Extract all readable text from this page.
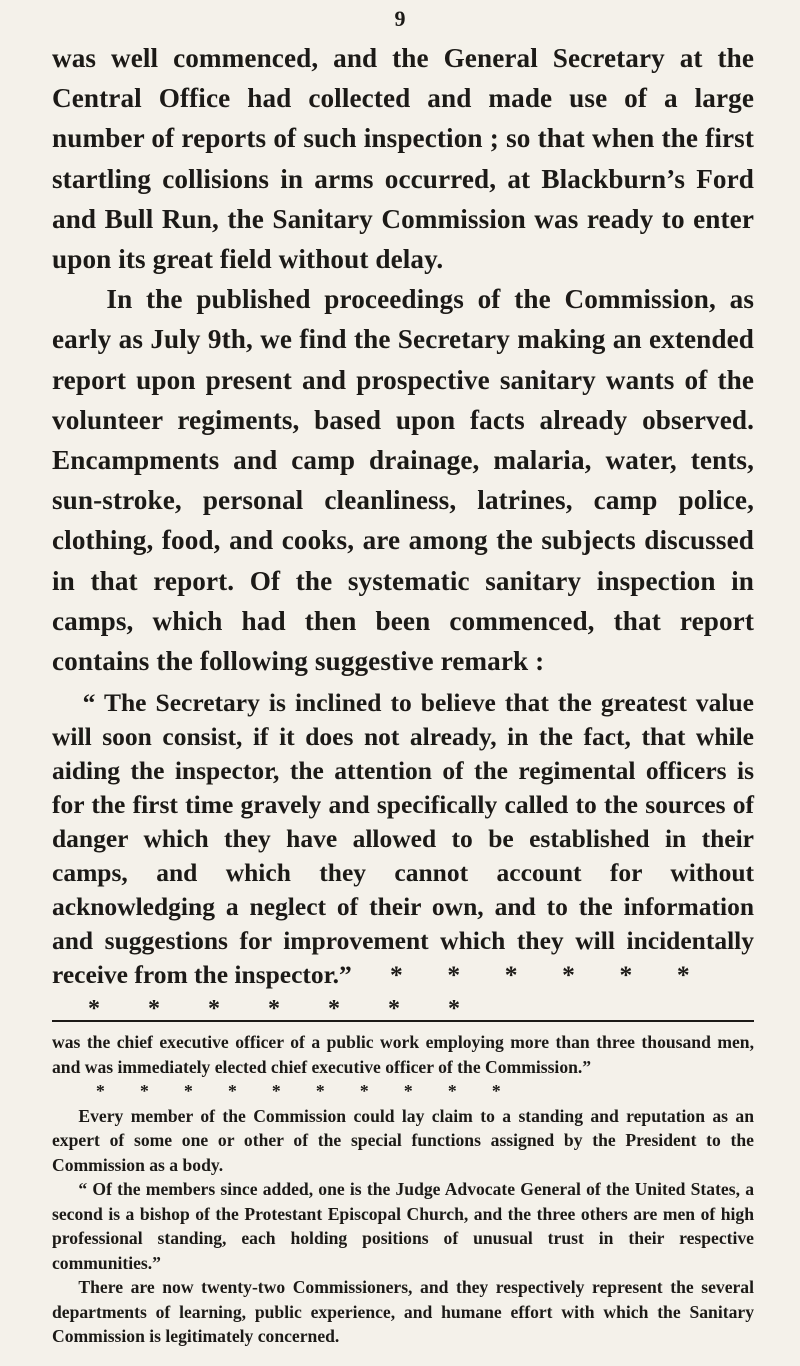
9

was well commenced, and the General Secretary at the Central Office had collected and made use of a large number of reports of such inspection ; so that when the first startling collisions in arms occurred, at Blackburn’s Ford and Bull Run, the Sanitary Commission was ready to enter upon its great field without delay.

In the published proceedings of the Commission, as early as July 9th, we find the Secretary making an extended report upon present and prospective sanitary wants of the volunteer regiments, based upon facts already observed. Encampments and camp drainage, malaria, water, tents, sun-stroke, personal cleanliness, latrines, camp police, clothing, food, and cooks, are among the subjects discussed in that report. Of the systematic sanitary inspection in camps, which had then been commenced, that report contains the following suggestive remark :

“ The Secretary is inclined to believe that the greatest value will soon consist, if it does not already, in the fact, that while aiding the inspector, the attention of the regimental officers is for the first time gravely and specifically called to the sources of danger which they have allowed to be established in their camps, and which they cannot account for without acknowledging a neglect of their own, and to the information and suggestions for improvement which they will incidentally receive from the inspector.”      *       *       *       *       *       *

*        *        *        *        *        *        *

was the chief executive officer of a public work employing more than three thousand men, and was immediately elected chief executive officer of the Commission.”

*        *        *        *        *        *        *        *        *        *

Every member of the Commission could lay claim to a standing and reputation as an expert of some one or other of the special functions assigned by the President to the Commission as a body.

“ Of the members since added, one is the Judge Advocate General of the United States, a second is a bishop of the Protestant Episcopal Church, and the three others are men of high professional standing, each holding positions of unusual trust in their respective communities.”

There are now twenty-two Commissioners, and they respectively represent the several departments of learning, public experience, and humane effort with which the Sanitary Commission is legitimately concerned.
